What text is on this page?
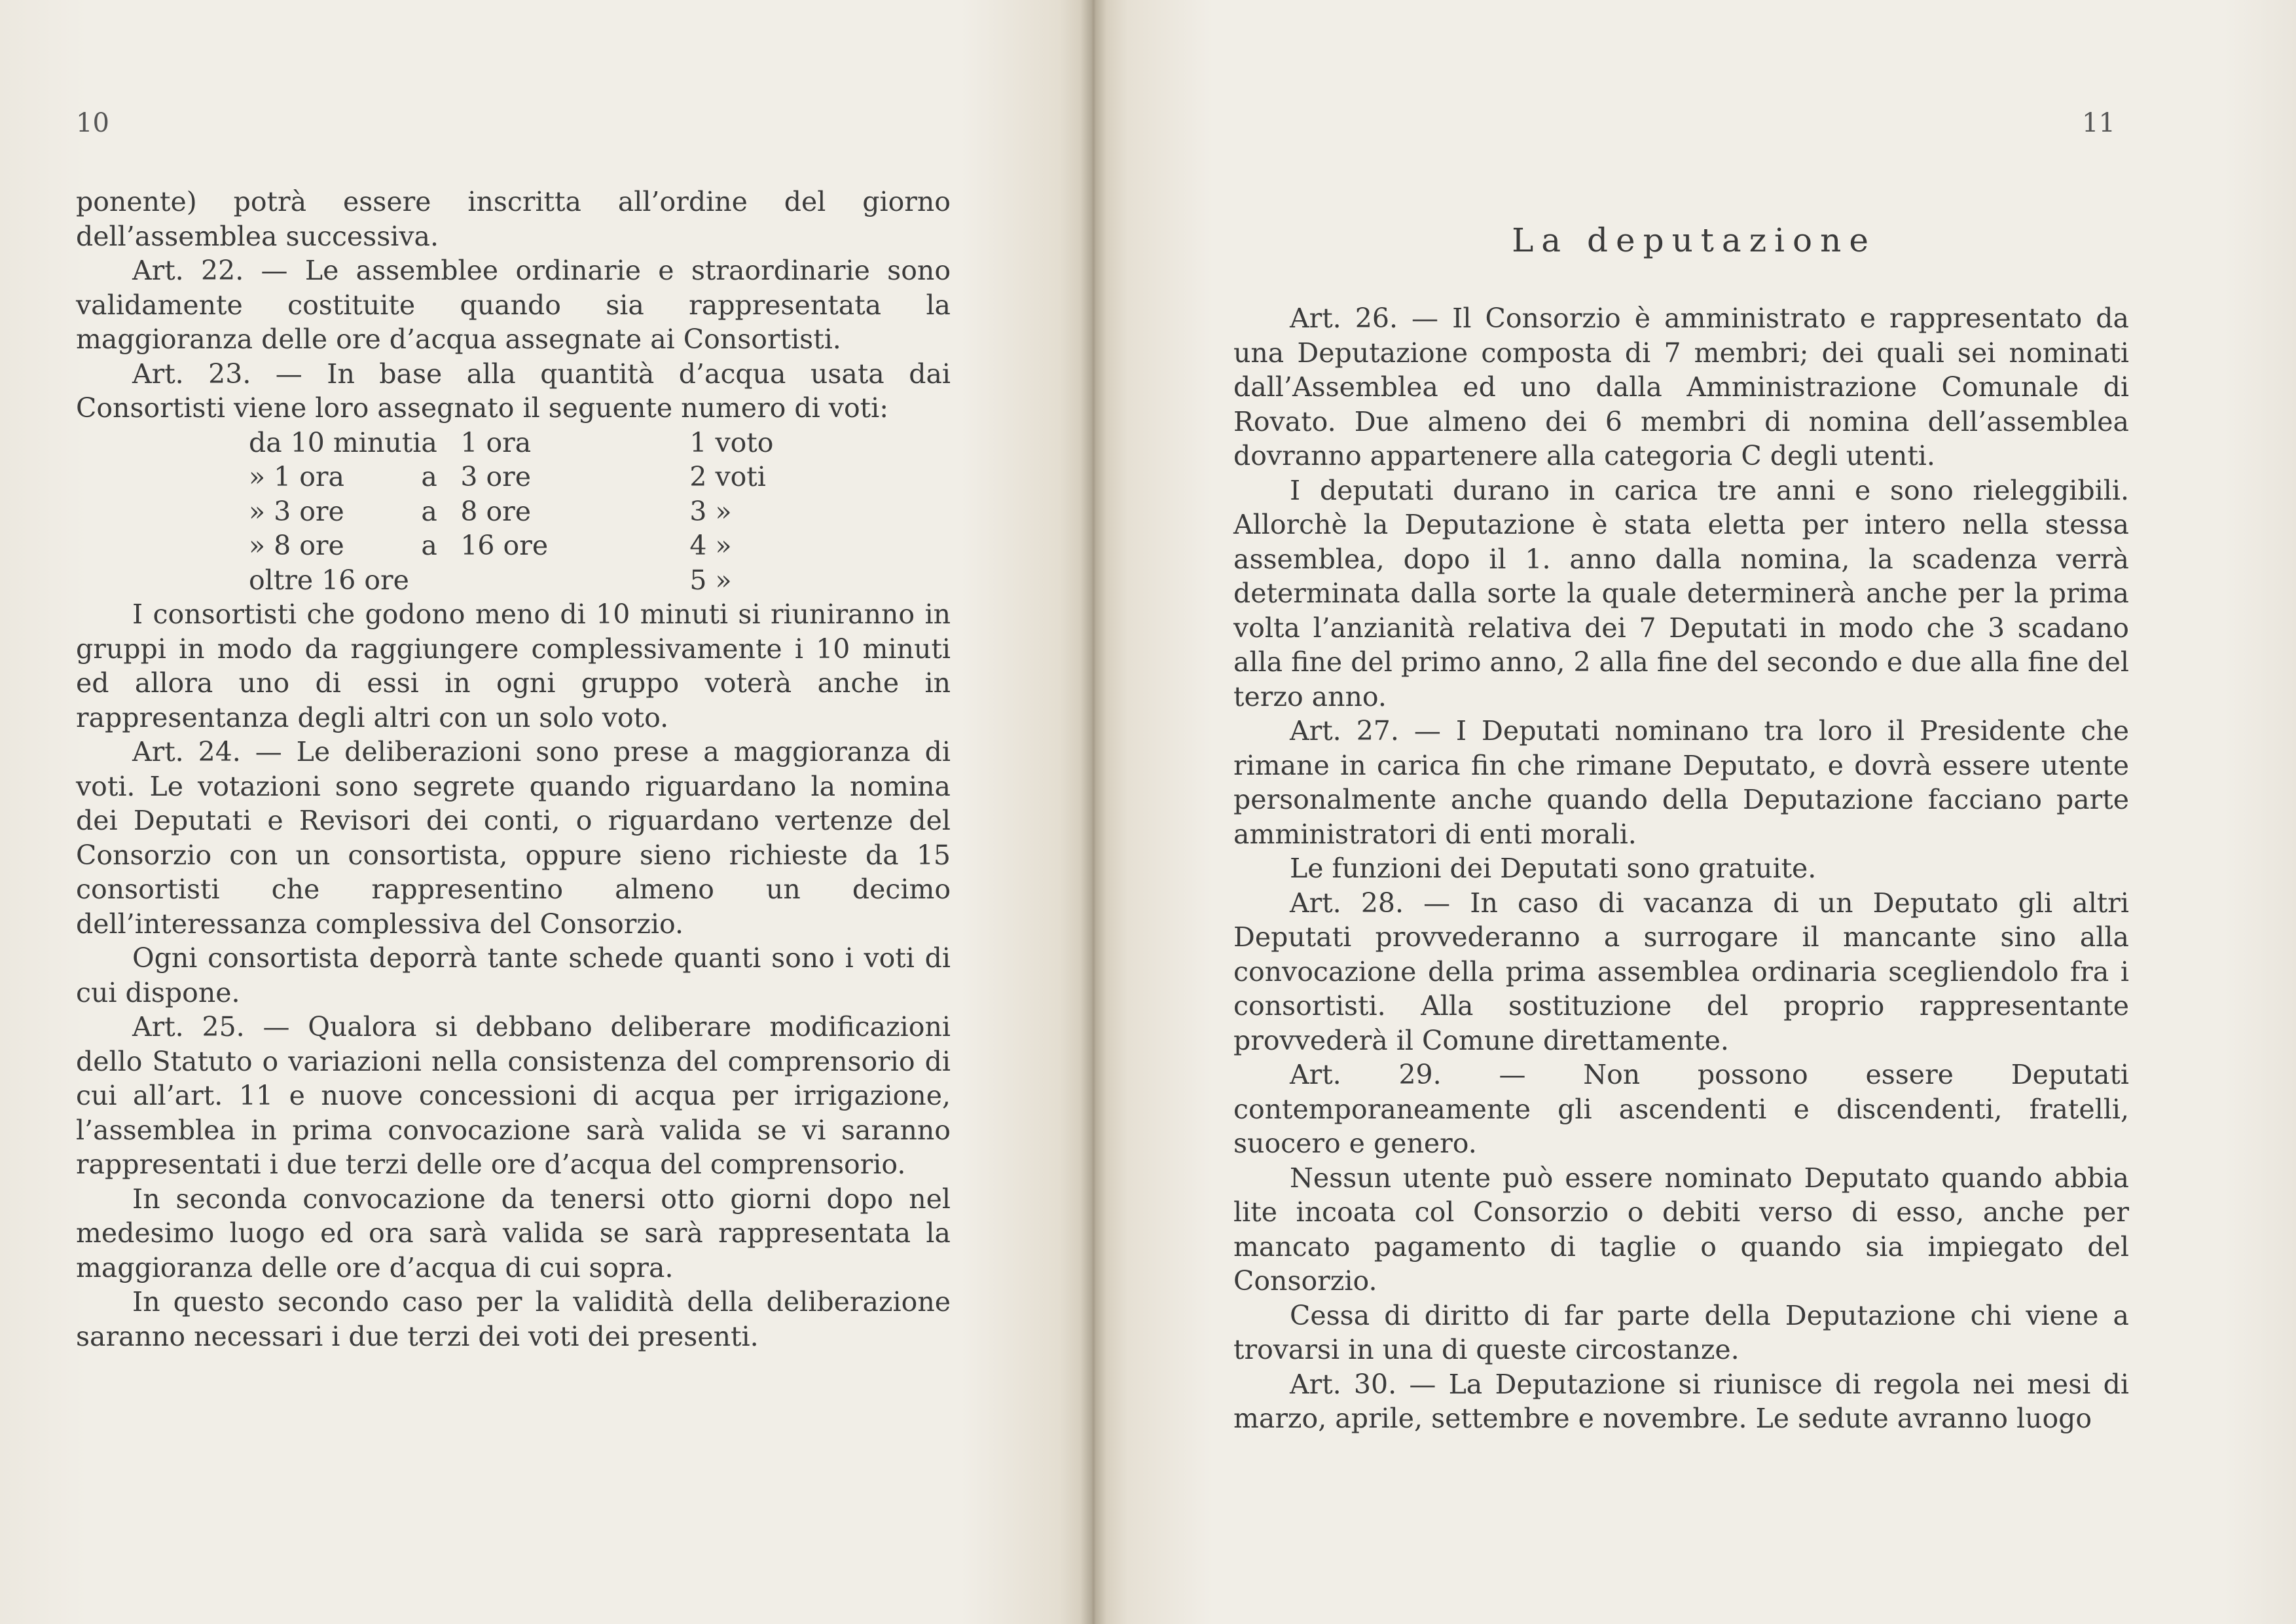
10

ponente) potrà essere inscritta all’ordine del giorno dell’assemblea successiva.

Art. 22. — Le assemblee ordinarie e straordinarie sono validamente costituite quando sia rappresentata la maggioranza delle ore d’acqua assegnate ai Consortisti.

Art. 23. — In base alla quantità d’acqua usata dai Consortisti viene loro assegnato il seguente numero di voti:

da 10 minuti	a	1 ora	1 voto
» 1 ora	a	3 ore	2 voti
» 3 ore	a	8 ore	3 »
» 8 ore	a	16 ore	4 »
oltre 16 ore			5 »

I consortisti che godono meno di 10 minuti si riuniranno in gruppi in modo da raggiungere complessivamente i 10 minuti ed allora uno di essi in ogni gruppo voterà anche in rappresentanza degli altri con un solo voto.

Art. 24. — Le deliberazioni sono prese a maggioranza di voti. Le votazioni sono segrete quando riguardano la nomina dei Deputati e Revisori dei conti, o riguardano vertenze del Consorzio con un consortista, oppure sieno richieste da 15 consortisti che rappresentino almeno un decimo dell’interessanza complessiva del Consorzio.

Ogni consortista deporrà tante schede quanti sono i voti di cui dispone.

Art. 25. — Qualora si debbano deliberare modificazioni dello Statuto o variazioni nella consistenza del comprensorio di cui all’art. 11 e nuove concessioni di acqua per irrigazione, l’assemblea in prima convocazione sarà valida se vi saranno rappresentati i due terzi delle ore d’acqua del comprensorio.

In seconda convocazione da tenersi otto giorni dopo nel medesimo luogo ed ora sarà valida se sarà rappresentata la maggioranza delle ore d’acqua di cui sopra.

In questo secondo caso per la validità della deliberazione saranno necessari i due terzi dei voti dei presenti.

11
La deputazione

Art. 26. — Il Consorzio è amministrato e rappresentato da una Deputazione composta di 7 membri; dei quali sei nominati dall’Assemblea ed uno dalla Amministrazione Comunale di Rovato. Due almeno dei 6 membri di nomina dell’assemblea dovranno appartenere alla categoria C degli utenti.

I deputati durano in carica tre anni e sono rieleggibili. Allorchè la Deputazione è stata eletta per intero nella stessa assemblea, dopo il 1. anno dalla nomina, la scadenza verrà determinata dalla sorte la quale determinerà anche per la prima volta l’anzianità relativa dei 7 Deputati in modo che 3 scadano alla fine del primo anno, 2 alla fine del secondo e due alla fine del terzo anno.

Art. 27. — I Deputati nominano tra loro il Presidente che rimane in carica fin che rimane Deputato, e dovrà essere utente personalmente anche quando della Deputazione facciano parte amministratori di enti morali.

Le funzioni dei Deputati sono gratuite.

Art. 28. — In caso di vacanza di un Deputato gli altri Deputati provvederanno a surrogare il mancante sino alla convocazione della prima assemblea ordinaria scegliendolo fra i consortisti. Alla sostituzione del proprio rappresentante provvederà il Comune direttamente.

Art. 29. — Non possono essere Deputati contemporaneamente gli ascendenti e discendenti, fratelli, suocero e genero.

Nessun utente può essere nominato Deputato quando abbia lite incoata col Consorzio o debiti verso di esso, anche per mancato pagamento di taglie o quando sia impiegato del Consorzio.

Cessa di diritto di far parte della Deputazione chi viene a trovarsi in una di queste circostanze.

Art. 30. — La Deputazione si riunisce di regola nei mesi di marzo, aprile, settembre e novembre. Le sedute avranno luogo
